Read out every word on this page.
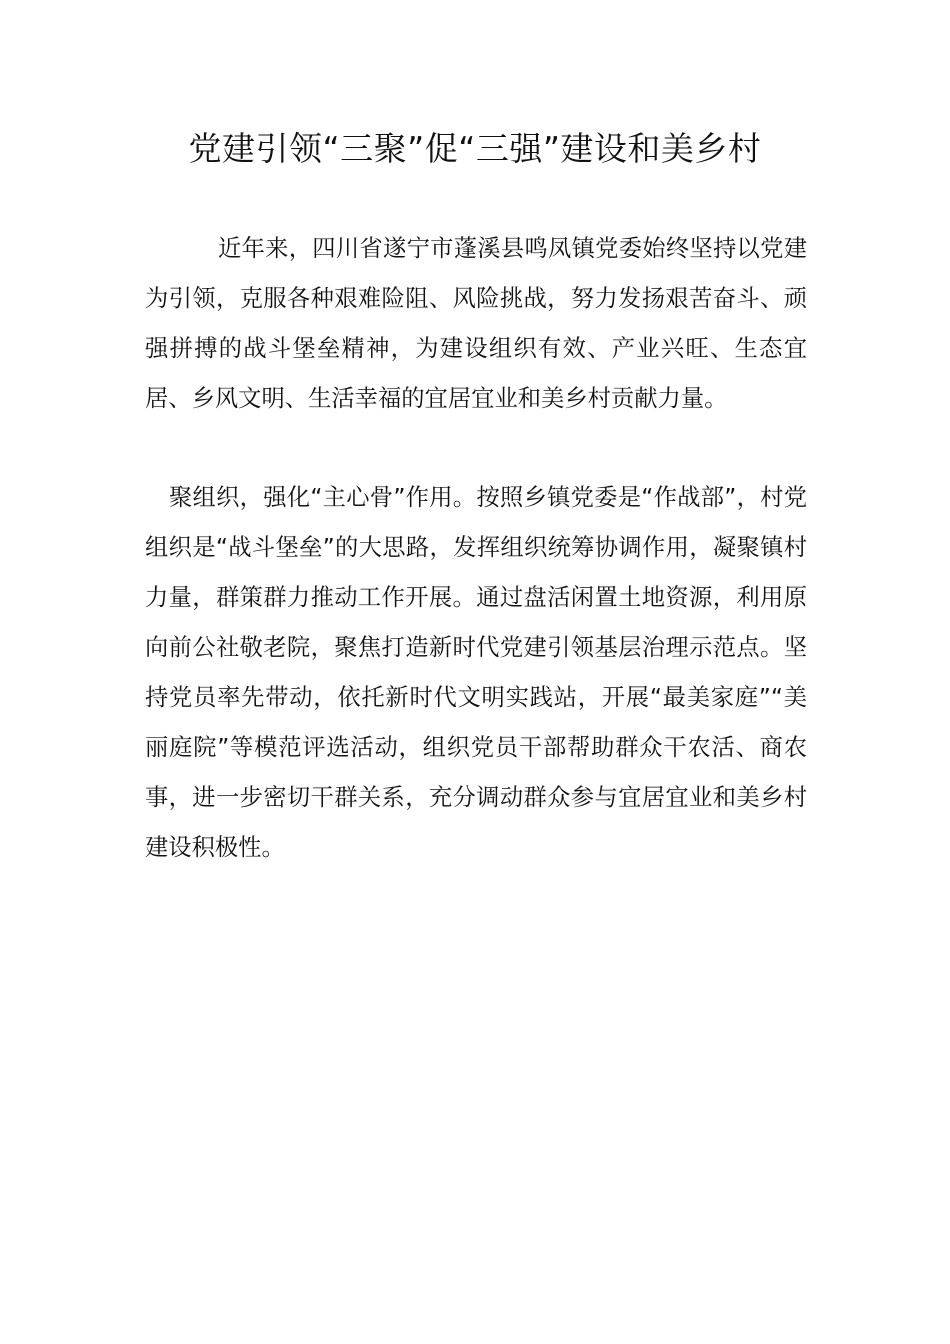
党建引领“三聚”促“三强”建设和美乡村

近年来，四川省遂宁市蓬溪县鸣凤镇党委始终坚持以党建为引领，克服各种艰难险阻、风险挑战，努力发扬艰苦奋斗、顽强拼搏的战斗堡垒精神，为建设组织有效、产业兴旺、生态宜居、乡风文明、生活幸福的宜居宜业和美乡村贡献力量。

聚组织，强化“主心骨”作用。按照乡镇党委是“作战部”，村党组织是“战斗堡垒”的大思路，发挥组织统筹协调作用，凝聚镇村力量，群策群力推动工作开展。通过盘活闲置土地资源，利用原向前公社敬老院，聚焦打造新时代党建引领基层治理示范点。坚持党员率先带动，依托新时代文明实践站，开展“最美家庭”“美丽庭院”等模范评选活动，组织党员干部帮助群众干农活、商农事，进一步密切干群关系，充分调动群众参与宜居宜业和美乡村建设积极性。
